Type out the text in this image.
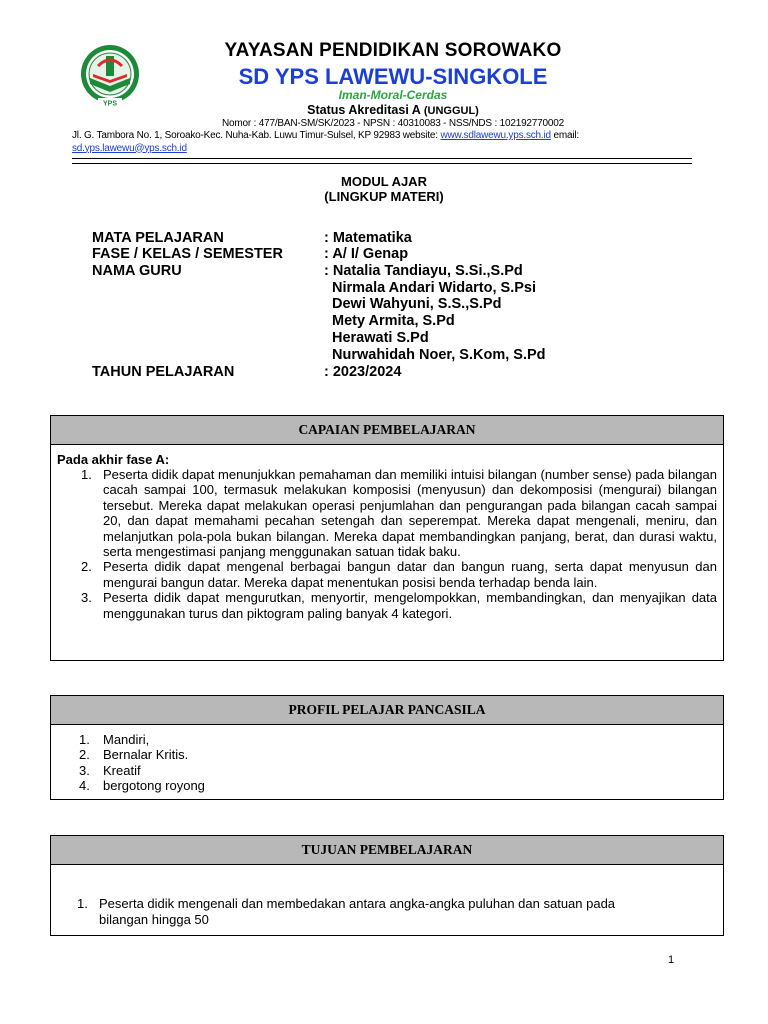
YPS
YAYASAN PENDIDIKAN SOROWAKO
SD YPS LAWEWU-SINGKOLE
Iman-Moral-Cerdas
Status Akreditasi A (UNGGUL)
Nomor : 477/BAN-SM/SK/2023 - NPSN : 40310083 - NSS/NDS : 102192770002
Jl. G. Tambora No. 1, Soroako-Kec. Nuha-Kab. Luwu Timur-Sulsel, KP 92983 website: www.sdlawewu.yps.sch.id email:
sd.yps.lawewu@yps.sch.id
MODUL AJAR
(LINGKUP MATERI)
MATA PELAJARAN	: Matematika
FASE / KELAS / SEMESTER	: A/ I/ Genap
NAMA GURU	: Natalia Tandiayu, S.Si.,S.Pd
Nirmala Andari Widarto, S.Psi
Dewi Wahyuni, S.S.,S.Pd
Mety Armita, S.Pd
Herawati S.Pd
Nurwahidah Noer, S.Kom, S.Pd
TAHUN PELAJARAN	: 2023/2024
CAPAIAN PEMBELAJARAN
Pada akhir fase A:
1. Peserta didik dapat menunjukkan pemahaman dan memiliki intuisi bilangan (number sense) pada bilangan cacah sampai 100, termasuk melakukan komposisi (menyusun) dan dekomposisi (mengurai) bilangan tersebut. Mereka dapat melakukan operasi penjumlahan dan pengurangan pada bilangan cacah sampai 20, dan dapat memahami pecahan setengah dan seperempat. Mereka dapat mengenali, meniru, dan melanjutkan pola-pola bukan bilangan. Mereka dapat membandingkan panjang, berat, dan durasi waktu, serta mengestimasi panjang menggunakan satuan tidak baku.
2. Peserta didik dapat mengenal berbagai bangun datar dan bangun ruang, serta dapat menyusun dan mengurai bangun datar. Mereka dapat menentukan posisi benda terhadap benda lain.
3. Peserta didik dapat mengurutkan, menyortir, mengelompokkan, membandingkan, dan menyajikan data menggunakan turus dan piktogram paling banyak 4 kategori.
PROFIL PELAJAR PANCASILA
1. Mandiri,
2. Bernalar Kritis.
3. Kreatif
4. bergotong royong
TUJUAN PEMBELAJARAN
1. Peserta didik mengenali dan membedakan antara angka-angka puluhan dan satuan pada bilangan hingga 50
1
